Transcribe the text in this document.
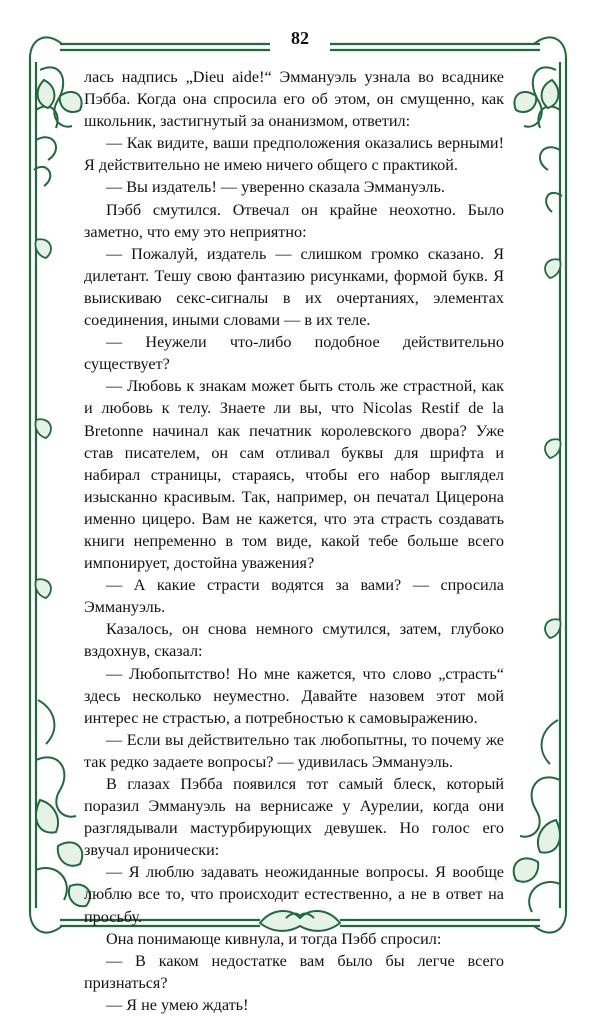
82

лась надпись „Dieu aide!“ Эммануэль узнала во всаднике Пэбба. Когда она спросила его об этом, он смущенно, как школьник, застигнутый за онанизмом, ответил:

— Как видите, ваши предположения оказались верными! Я действительно не имею ничего общего с практикой.

— Вы издатель! — уверенно сказала Эммануэль.

Пэбб смутился. Отвечал он крайне неохотно. Было заметно, что ему это неприятно:

— Пожалуй, издатель — слишком громко сказано. Я дилетант. Тешу свою фантазию рисунками, формой букв. Я выискиваю секс-сигналы в их очертаниях, элементах соединения, иными словами — в их теле.

— Неужели что-либо подобное действительно существует?

— Любовь к знакам может быть столь же страстной, как и любовь к телу. Знаете ли вы, что Nicolas Restif de la Bretonne начинал как печатник королевского двора? Уже став писателем, он сам отливал буквы для шрифта и набирал страницы, стараясь, чтобы его набор выглядел изысканно красивым. Так, например, он печатал Цицерона именно цицеро. Вам не кажется, что эта страсть создавать книги непременно в том виде, какой тебе больше всего импонирует, достойна уважения?

— А какие страсти водятся за вами? — спросила Эммануэль.

Казалось, он снова немного смутился, затем, глубоко вздохнув, сказал:

— Любопытство! Но мне кажется, что слово „страсть“ здесь несколько неуместно. Давайте назовем этот мой интерес не страстью, а потребностью к самовыражению.

— Если вы действительно так любопытны, то почему же так редко задаете вопросы? — удивилась Эммануэль.

В глазах Пэбба появился тот самый блеск, который поразил Эммануэль на вернисаже у Аурелии, когда они разглядывали мастурбирующих девушек. Но голос его звучал иронически:

— Я люблю задавать неожиданные вопросы. Я вообще люблю все то, что происходит естественно, а не в ответ на просьбу.

Она понимающе кивнула, и тогда Пэбб спросил:

— В каком недостатке вам было бы легче всего признаться?

— Я не умею ждать!
